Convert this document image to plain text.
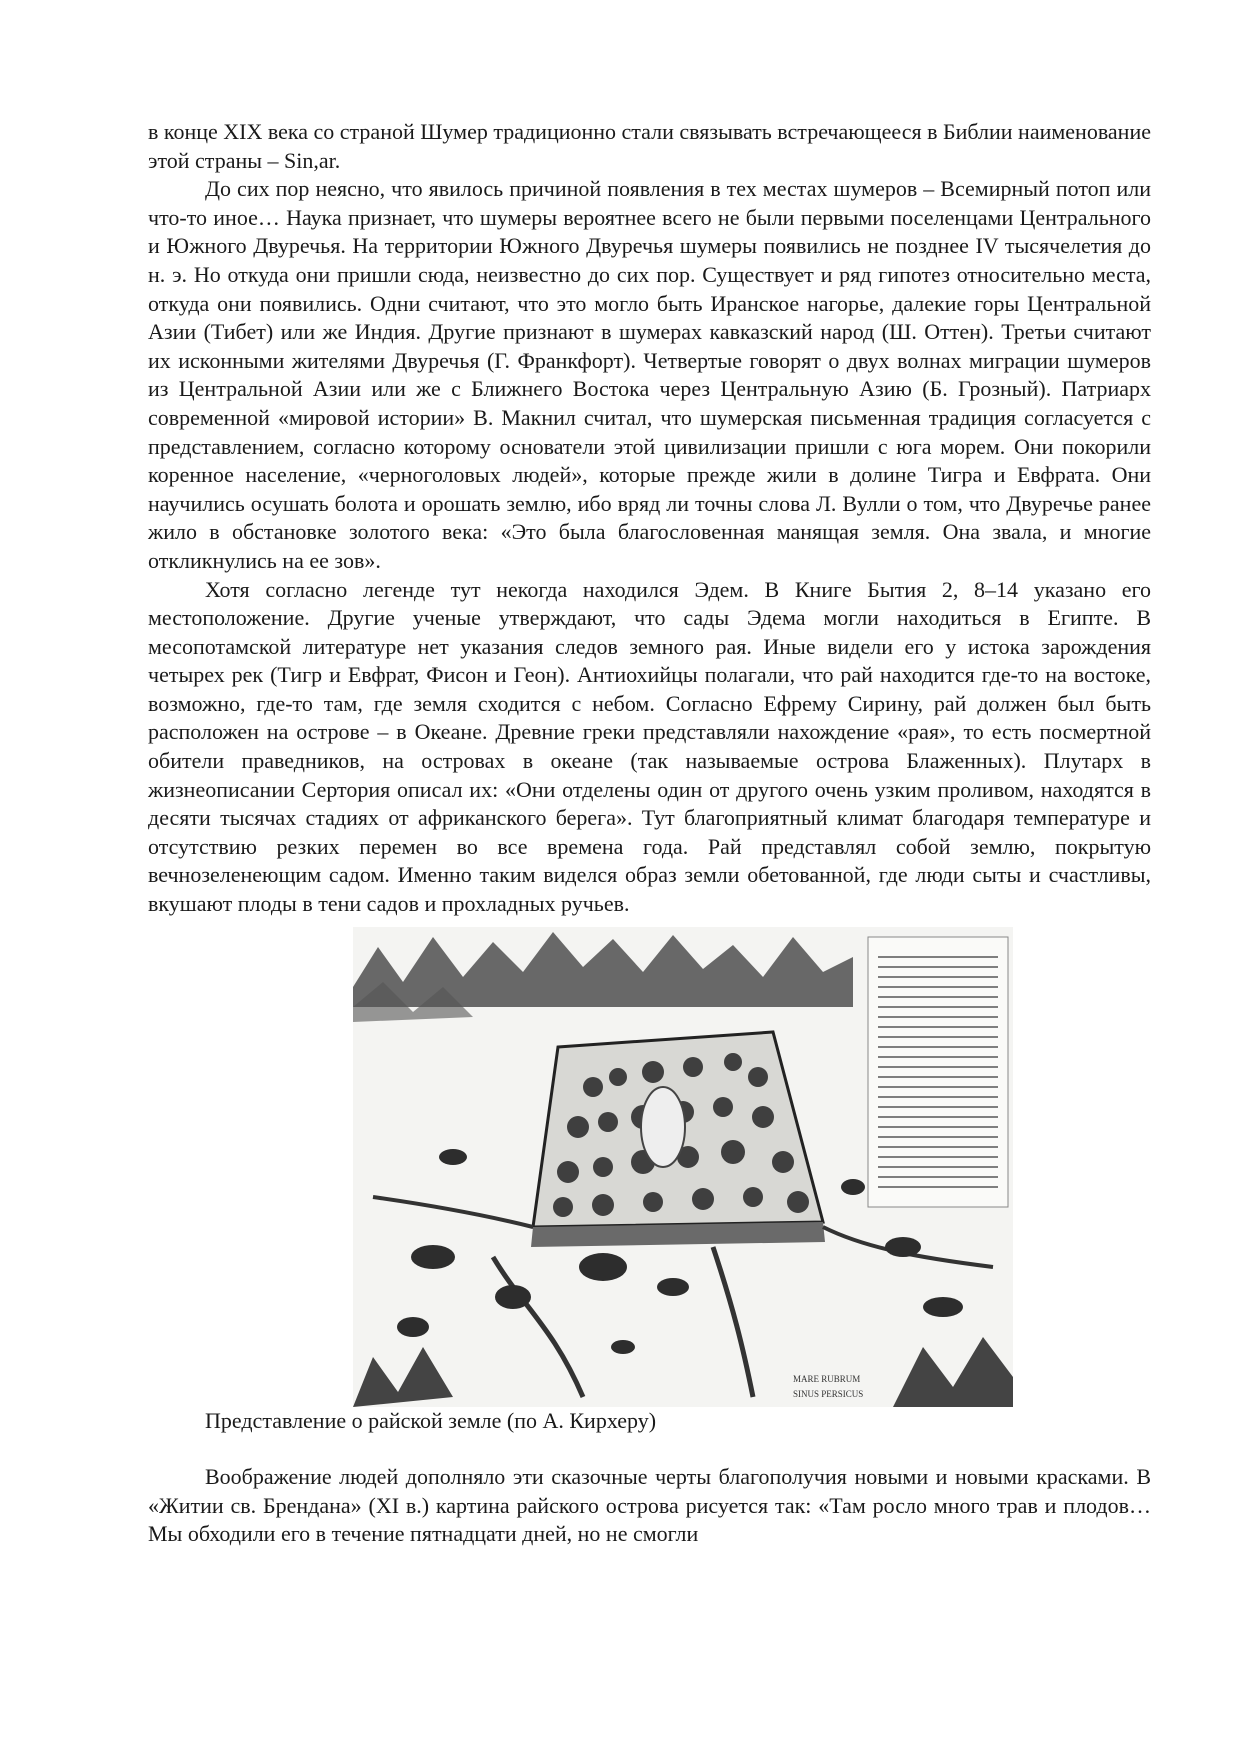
в конце XIX века со страной Шумер традиционно стали связывать встречающееся в Библии наименование этой страны – Sin,ar.

До сих пор неясно, что явилось причиной появления в тех местах шумеров – Всемирный потоп или что-то иное… Наука признает, что шумеры вероятнее всего не были первыми поселенцами Центрального и Южного Двуречья. На территории Южного Двуречья шумеры появились не позднее IV тысячелетия до н. э. Но откуда они пришли сюда, неизвестно до сих пор. Существует и ряд гипотез относительно места, откуда они появились. Одни считают, что это могло быть Иранское нагорье, далекие горы Центральной Азии (Тибет) или же Индия. Другие признают в шумерах кавказский народ (Ш. Оттен). Третьи считают их исконными жителями Двуречья (Г. Франкфорт). Четвертые говорят о двух волнах миграции шумеров из Центральной Азии или же с Ближнего Востока через Центральную Азию (Б. Грозный). Патриарх современной «мировой истории» В. Макнил считал, что шумерская письменная традиция согласуется с представлением, согласно которому основатели этой цивилизации пришли с юга морем. Они покорили коренное население, «черноголовых людей», которые прежде жили в долине Тигра и Евфрата. Они научились осушать болота и орошать землю, ибо вряд ли точны слова Л. Вулли о том, что Двуречье ранее жило в обстановке золотого века: «Это была благословенная манящая земля. Она звала, и многие откликнулись на ее зов».

Хотя согласно легенде тут некогда находился Эдем. В Книге Бытия 2, 8–14 указано его местоположение. Другие ученые утверждают, что сады Эдема могли находиться в Египте. В месопотамской литературе нет указания следов земного рая. Иные видели его у истока зарождения четырех рек (Тигр и Евфрат, Фисон и Геон). Антиохийцы полагали, что рай находится где-то на востоке, возможно, где-то там, где земля сходится с небом. Согласно Ефрему Сирину, рай должен был быть расположен на острове – в Океане. Древние греки представляли нахождение «рая», то есть посмертной обители праведников, на островах в океане (так называемые острова Блаженных). Плутарх в жизнеописании Сертория описал их: «Они отделены один от другого очень узким проливом, находятся в десяти тысячах стадиях от африканского берега». Тут благоприятный климат благодаря температуре и отсутствию резких перемен во все времена года. Рай представлял собой землю, покрытую вечнозеленеющим садом. Именно таким виделся образ земли обетованной, где люди сыты и счастливы, вкушают плоды в тени садов и прохладных ручьев.

MARE RUBRUM
SINUS PERSICUS

Представление о райской земле (по А. Кирхеру)

Воображение людей дополняло эти сказочные черты благополучия новыми и новыми красками. В «Житии св. Брендана» (XI в.) картина райского острова рисуется так: «Там росло много трав и плодов… Мы обходили его в течение пятнадцати дней, но не смогли
